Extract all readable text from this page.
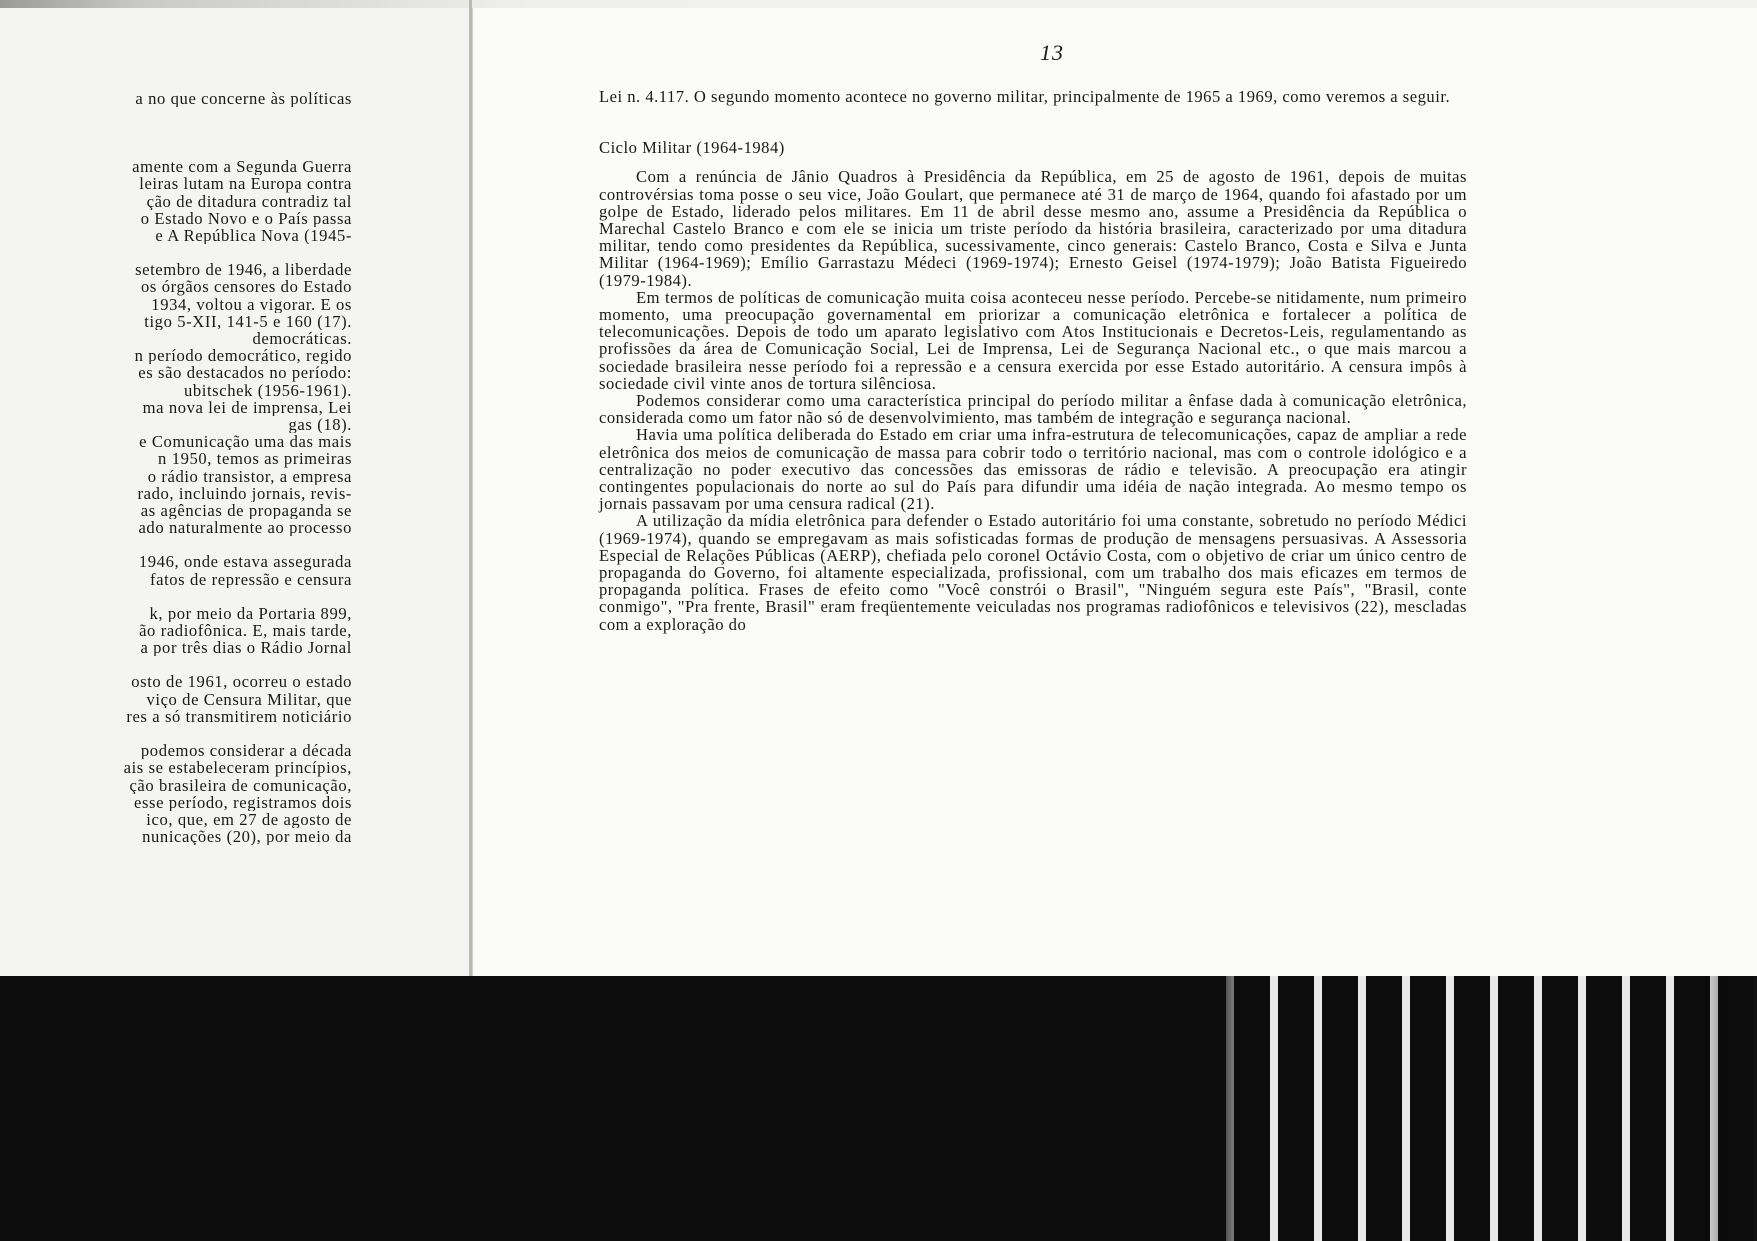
a no que concerne às políticas
amente com a Segunda Guerra
leiras lutam na Europa contra
ção de ditadura contradiz tal
o Estado Novo e o País passa
e A República Nova (1945-
setembro de 1946, a liberdade
os órgãos censores do Estado
1934, voltou a vigorar. E os
tigo 5-XII, 141-5 e 160 (17).
democráticas.
n período democrático, regido
es são destacados no período:
ubitschek (1956-1961).
ma nova lei de imprensa, Lei
gas (18).
e Comunicação uma das mais
n 1950, temos as primeiras
o rádio transistor, a empresa
rado, incluindo jornais, revis-
as agências de propaganda se
ado naturalmente ao processo
1946, onde estava assegurada
fatos de repressão e censura
k, por meio da Portaria 899,
ão radiofônica. E, mais tarde,
a por três dias o Rádio Jornal
osto de 1961, ocorreu o estado
viço de Censura Militar, que
res a só transmitirem noticiário
podemos considerar a década
ais se estabeleceram princípios,
ção brasileira de comunicação,
esse período, registramos dois
ico, que, em 27 de agosto de
nunicações (20), por meio da
13

Lei n. 4.117. O segundo momento acontece no governo militar, principalmente de 1965 a 1969, como veremos a seguir.

Ciclo Militar (1964-1984)

Com a renúncia de Jânio Quadros à Presidência da República, em 25 de agosto de 1961, depois de muitas controvérsias toma posse o seu vice, João Goulart, que permanece até 31 de março de 1964, quando foi afastado por um golpe de Estado, liderado pelos militares. Em 11 de abril desse mesmo ano, assume a Presidência da República o Marechal Castelo Branco e com ele se inicia um triste período da história brasileira, caracterizado por uma ditadura militar, tendo como presidentes da República, sucessivamente, cinco generais: Castelo Branco, Costa e Silva e Junta Militar (1964-1969); Emílio Garrastazu Médeci (1969-1974); Ernesto Geisel (1974-1979); João Batista Figueiredo (1979-1984).

Em termos de políticas de comunicação muita coisa aconteceu nesse período. Percebe-se nitidamente, num primeiro momento, uma preocupação governamental em priorizar a comunicação eletrônica e fortalecer a política de telecomunicações. Depois de todo um aparato legislativo com Atos Institucionais e Decretos-Leis, regulamentando as profissões da área de Comunicação Social, Lei de Imprensa, Lei de Segurança Nacional etc., o que mais marcou a sociedade brasileira nesse período foi a repressão e a censura exercida por esse Estado autoritário. A censura impôs à sociedade civil vinte anos de tortura silênciosa.

Podemos considerar como uma característica principal do período militar a ênfase dada à comunicação eletrônica, considerada como um fator não só de desenvolvimiento, mas também de integração e segurança nacional.

Havia uma política deliberada do Estado em criar uma infra-estrutura de telecomunicações, capaz de ampliar a rede eletrônica dos meios de comunicação de massa para cobrir todo o território nacional, mas com o controle idológico e a centralização no poder executivo das concessões das emissoras de rádio e televisão. A preocupação era atingir contingentes populacionais do norte ao sul do País para difundir uma idéia de nação integrada. Ao mesmo tempo os jornais passavam por uma censura radical (21).

A utilização da mídia eletrônica para defender o Estado autoritário foi uma constante, sobretudo no período Médici (1969-1974), quando se empregavam as mais sofisticadas formas de produção de mensagens persuasivas. A Assessoria Especial de Relações Públicas (AERP), chefiada pelo coronel Octávio Costa, com o objetivo de criar um único centro de propaganda do Governo, foi altamente especializada, profissional, com um trabalho dos mais eficazes em termos de propaganda política. Frases de efeito como "Você constrói o Brasil", "Ninguém segura este País", "Brasil, conte conmigo", "Pra frente, Brasil" eram freqüentemente veiculadas nos programas radiofônicos e televisivos (22), mescladas com a exploração do
